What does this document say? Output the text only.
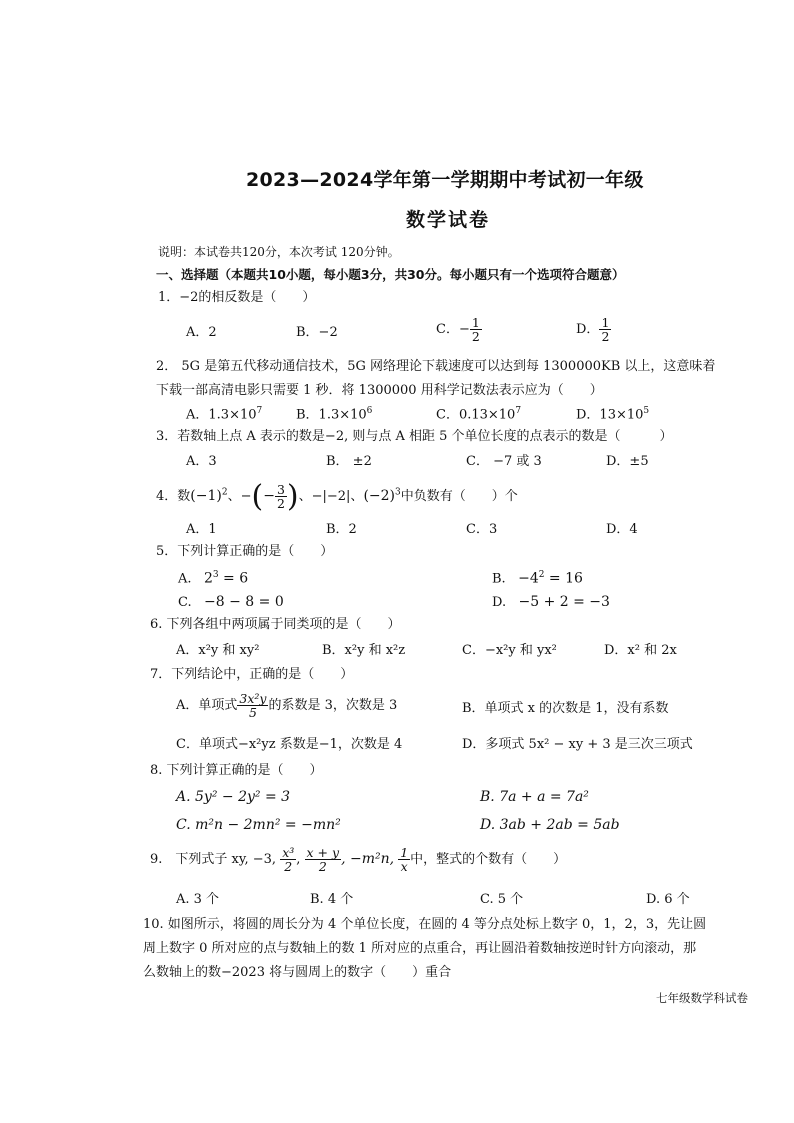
2023—2024学年第一学期期中考试初一年级
数学试卷
说明：本试卷共120分，本次考试 120分钟。
一、选择题（本题共10小题，每小题3分，共30分。每小题只有一个选项符合题意）
1．−2的相反数是（　　）
A．2	B．−2	C．− $\frac{1}{2}$	D． $\frac{1}{2}$
2． 5G 是第五代移动通信技术，5G 网络理论下载速度可以达到每 1300000KB 以上，这意味着
下载一部高清电影只需要 1 秒．将 1300000 用科学记数法表示应为（　　）
A．$1.3\times 10^7$	B．$1.3\times 10^6$	C．$0.13\times 10^7$	D．$13\times 10^5$
3．若数轴上点 A 表示的数是−2, 则与点 A 相距 5 个单位长度的点表示的数是（　　　）
A．3	B． ±2	C． −7 或 3	D．±5
4．数$(-1)^2$、−(− $\frac{3}{2}$ )、−|−2|、$(-2)^3$中负数有（　　）个
A．1	B．2	C．3	D．4
5．下列计算正确的是（　　）
A. $2^3 = 6$	B. $-4^2 = 16$
C. −8 − 8 = 0	D. −5 + 2 = −3
6. 下列各组中两项属于同类项的是（　　）
A．x²y 和 xy²	B．x²y 和 x²z	C．−x²y 和 yx²	D．x² 和 2x
7．下列结论中，正确的是（　　）
A．单项式 $\frac{\text{3x²y}}{5}$ 的系数是 3，次数是 3	B．单项式 x 的次数是 1，没有系数
C．单项式−x²yz 系数是−1，次数是 4	D．多项式 5x² − xy + 3 是三次三项式
8. 下列计算正确的是（　　）
A. 5y² − 2y² = 3	B. 7a + a = 7a²
C. m²n − 2mn² = −mn²	D. 3ab + 2ab = 5ab
9.　下列式子 xy, −3, $\frac{\text{x³}}{2}$ , $\frac{x + y}{2}$ , −m²n, $\frac{1}{x}$ 中，整式的个数有（　　）
A. 3 个	B. 4 个	C. 5 个	D. 6 个
10. 如图所示，将圆的周长分为 4 个单位长度，在圆的 4 等分点处标上数字 0，1，2，3，先让圆
周上数字 0 所对应的点与数轴上的数 1 所对应的点重合，再让圆沿着数轴按逆时针方向滚动，那
么数轴上的数−2023 将与圆周上的数字（　　）重合
七年级数学科试卷
